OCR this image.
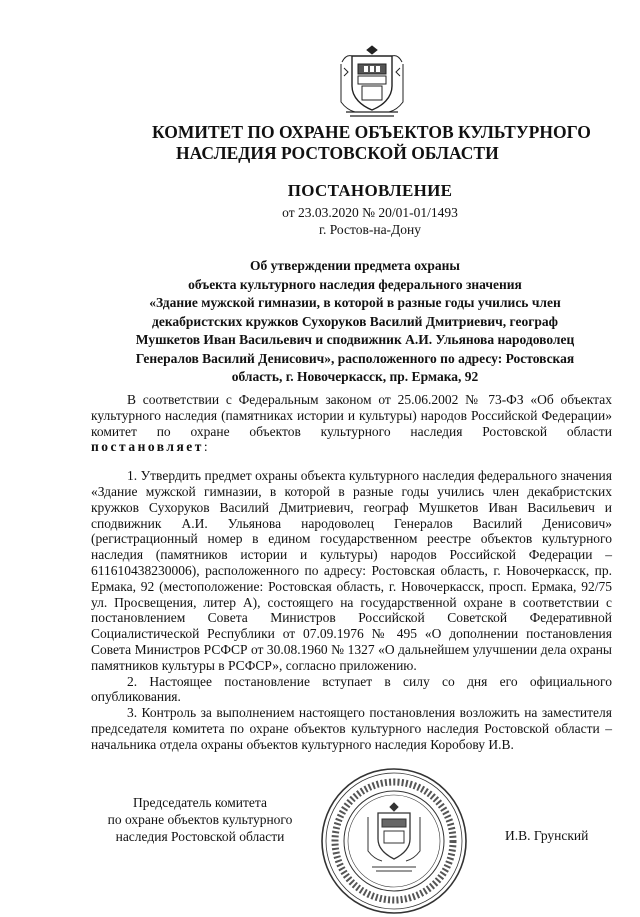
КОМИТЕТ ПО ОХРАНЕ ОБЪЕКТОВ КУЛЬТУРНОГО
НАСЛЕДИЯ РОСТОВСКОЙ ОБЛАСТИ
ПОСТАНОВЛЕНИЕ
от 23.03.2020 № 20/01-01/1493
г. Ростов-на-Дону
Об утверждении предмета охраны
объекта культурного наследия федерального значения
«Здание мужской гимназии, в которой в разные годы учились член
декабристских кружков Сухоруков Василий Дмитриевич, географ
Мушкетов Иван Васильевич и сподвижник А.И. Ульянова народоволец
Генералов Василий Денисович», расположенного по адресу: Ростовская
область, г. Новочеркасск, пр. Ермака, 92

В соответствии с Федеральным законом от 25.06.2002 № 73-ФЗ «Об объектах культурного наследия (памятниках истории и культуры) народов Российской Федерации» комитет по охране объектов культурного наследия Ростовской области постановляет:

1. Утвердить предмет охраны объекта культурного наследия федерального значения «Здание мужской гимназии, в которой в разные годы учились член декабристских кружков Сухоруков Василий Дмитриевич, географ Мушкетов Иван Васильевич и сподвижник А.И. Ульянова народоволец Генералов Василий Денисович» (регистрационный номер в едином государственном реестре объектов культурного наследия (памятников истории и культуры) народов Российской Федерации – 611610438230006), расположенного по адресу: Ростовская область, г. Новочеркасск, пр. Ермака, 92 (местоположение: Ростовская область, г. Новочеркасск, просп. Ермака, 92/75 ул. Просвещения, литер А), состоящего на государственной охране в соответствии с постановлением Совета Министров Российской Советской Федеративной Социалистической Республики от 07.09.1976 № 495 «О дополнении постановления Совета Министров РСФСР от 30.08.1960 № 1327 «О дальнейшем улучшении дела охраны памятников культуры в РСФСР», согласно приложению.

2. Настоящее постановление вступает в силу со дня его официального опубликования.

3. Контроль за выполнением настоящего постановления возложить на заместителя председателя комитета по охране объектов культурного наследия Ростовской области – начальника отдела охраны объектов культурного наследия Коробову И.В.

Председатель комитета
по охране объектов культурного
наследия Ростовской области	И.В. Грунский
